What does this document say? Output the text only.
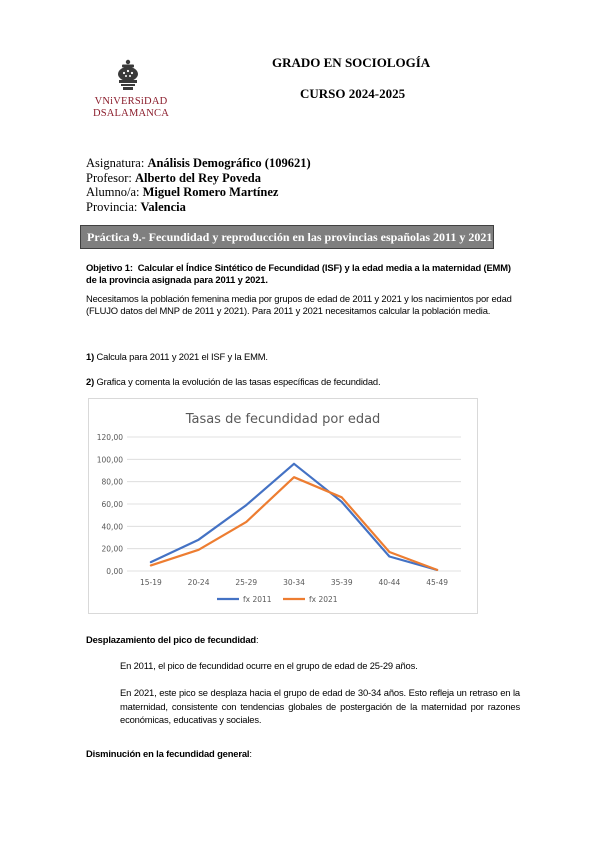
VNiVERSiDAD
DSALAMANCA
GRADO EN SOCIOLOGÍA
CURSO 2024-2025
Asignatura: Análisis Demográfico (109621)
Profesor: Alberto del Rey Poveda
Alumno/a: Miguel Romero Martínez
Provincia: Valencia
Práctica 9.- Fecundidad y reproducción en las provincias españolas 2011 y 2021
Objetivo 1: Calcular el Índice Sintético de Fecundidad (ISF) y la edad media a la maternidad (EMM) de la provincia asignada para 2011 y 2021.
Necesitamos la población femenina media por grupos de edad de 2011 y 2021 y los nacimientos por edad (FLUJO datos del MNP de 2011 y 2021). Para 2011 y 2021 necesitamos calcular la población media.
1) Calcula para 2011 y 2021 el ISF y la EMM.
2) Grafica y comenta la evolución de las tasas específicas de fecundidad.
Tasas de fecundidad por edad
0,00
20,00
40,00
60,00
80,00
100,00
120,00
15-19	20-24	25-29	30-34	35-39	40-44	45-49
fx 2011	fx 2021
Desplazamiento del pico de fecundidad:
En 2011, el pico de fecundidad ocurre en el grupo de edad de 25-29 años.
En 2021, este pico se desplaza hacia el grupo de edad de 30-34 años. Esto refleja un retraso en la maternidad, consistente con tendencias globales de postergación de la maternidad por razones económicas, educativas y sociales.
Disminución en la fecundidad general:
